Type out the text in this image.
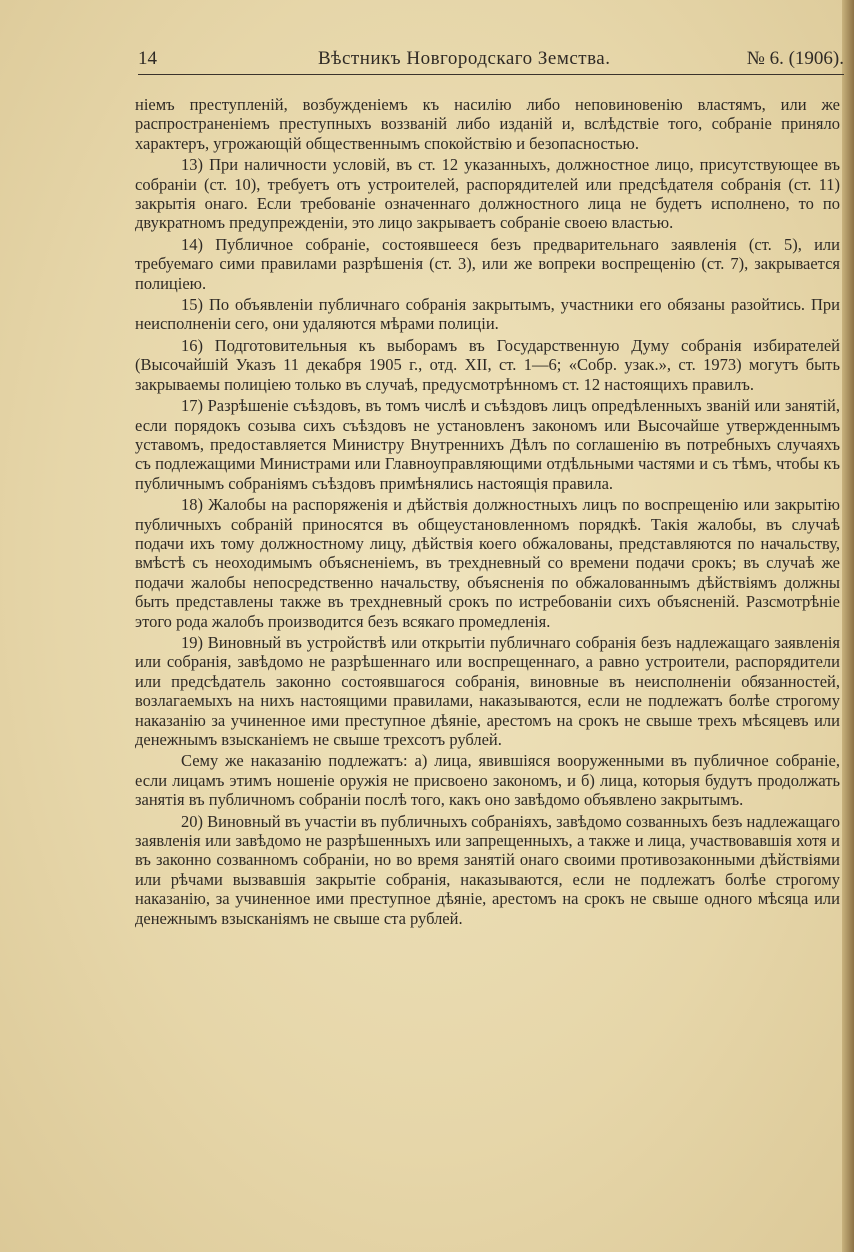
14	Вѣстникъ Новгородскаго Земства.	№ 6. (1906).

ніемъ преступленій, возбужденіемъ къ насилію либо неповиновенію властямъ, или же распространеніемъ преступныхъ воззваній либо изданій и, вслѣдствіе того, собраніе приняло характеръ, угрожающій общественнымъ спокойствію и безопасностью.

13) При наличности условій, въ ст. 12 указанныхъ, должностное лицо, присутствующее въ собраніи (ст. 10), требуетъ отъ устроителей, распорядителей или предсѣдателя собранія (ст. 11) закрытія онаго. Если требованіе означеннаго должностного лица не будетъ исполнено, то по двукратномъ предупрежденіи, это лицо закрываетъ собраніе своею властью.

14) Публичное собраніе, состоявшееся безъ предварительнаго заявленія (ст. 5), или требуемаго сими правилами разрѣшенія (ст. 3), или же вопреки воспрещенію (ст. 7), закрывается полиціею.

15) По объявленіи публичнаго собранія закрытымъ, участники его обязаны разойтись. При неисполненіи сего, они удаляются мѣрами полиціи.

16) Подготовительныя къ выборамъ въ Государственную Думу собранія избирателей (Высочайшій Указъ 11 декабря 1905 г., отд. XII, ст. 1—6; «Собр. узак.», ст. 1973) могутъ быть закрываемы полиціею только въ случаѣ, предусмотрѣнномъ ст. 12 настоящихъ правилъ.

17) Разрѣшеніе съѣздовъ, въ томъ числѣ и съѣздовъ лицъ опредѣленныхъ званій или занятій, если порядокъ созыва сихъ съѣздовъ не установленъ закономъ или Высочайше утвержденнымъ уставомъ, предоставляется Министру Внутреннихъ Дѣлъ по соглашенію въ потребныхъ случаяхъ съ подлежащими Министрами или Главноуправляющими отдѣльными частями и съ тѣмъ, чтобы къ публичнымъ собраніямъ съѣздовъ примѣнялись настоящія правила.

18) Жалобы на распоряженія и дѣйствія должностныхъ лицъ по воспрещенію или закрытію публичныхъ собраній приносятся въ общеустановленномъ порядкѣ. Такія жалобы, въ случаѣ подачи ихъ тому должностному лицу, дѣйствія коего обжалованы, представляются по начальству, вмѣстѣ съ неоходимымъ объясненіемъ, въ трехдневный со времени подачи срокъ; въ случаѣ же подачи жалобы непосредственно начальству, объясненія по обжалованнымъ дѣйствіямъ должны быть представлены также въ трехдневный срокъ по истребованіи сихъ объясненій. Разсмотрѣніе этого рода жалобъ производится безъ всякаго промедленія.

19) Виновный въ устройствѣ или открытіи публичнаго собранія безъ надлежащаго заявленія или собранія, завѣдомо не разрѣшеннаго или воспрещеннаго, а равно устроители, распорядители или предсѣдатель законно состоявшагося собранія, виновные въ неисполненіи обязанностей, возлагаемыхъ на нихъ настоящими правилами, наказываются, если не подлежатъ болѣе строгому наказанію за учиненное ими преступное дѣяніе, арестомъ на срокъ не свыше трехъ мѣсяцевъ или денежнымъ взысканіемъ не свыше трехсотъ рублей.

Сему же наказанію подлежатъ: а) лица, явившіяся вооруженными въ публичное собраніе, если лицамъ этимъ ношеніе оружія не присвоено закономъ, и б) лица, которыя будутъ продолжать занятія въ публичномъ собраніи послѣ того, какъ оно завѣдомо объявлено закрытымъ.

20) Виновный въ участіи въ публичныхъ собраніяхъ, завѣдомо созванныхъ безъ надлежащаго заявленія или завѣдомо не разрѣшенныхъ или запрещенныхъ, а также и лица, участвовавшія хотя и въ законно созванномъ собраніи, но во время занятій онаго своими противозаконными дѣйствіями или рѣчами вызвавшія закрытіе собранія, наказываются, если не подлежатъ болѣе строгому наказанію, за учиненное ими преступное дѣяніе, арестомъ на срокъ не свыше одного мѣсяца или денежнымъ взысканіямъ не свыше ста рублей.
